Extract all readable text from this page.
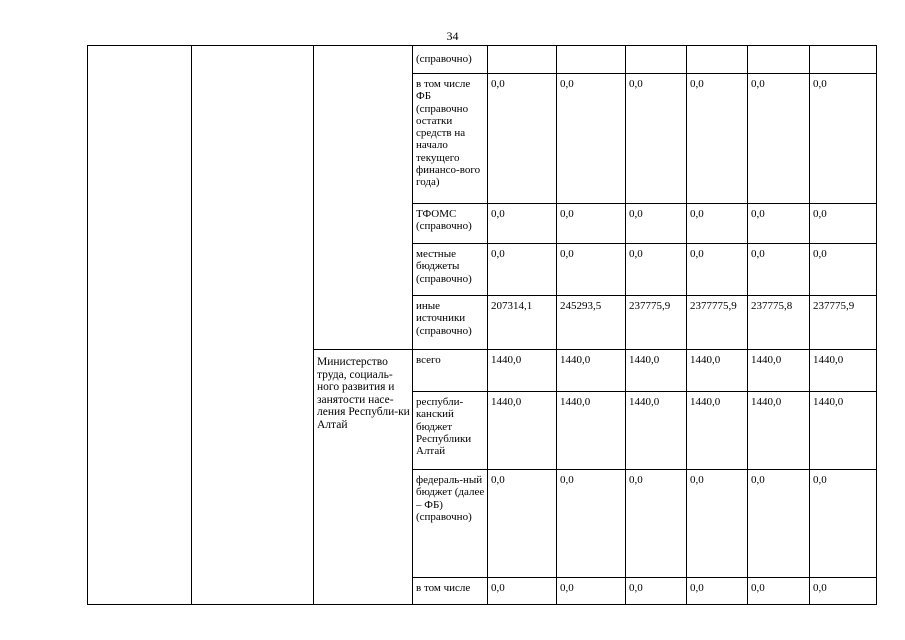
34
			(справочно)						
			в том числе ФБ (справочно остатки средств на начало текущего финансо-вого года)	0,0	0,0	0,0	0,0	0,0	0,0
			ТФОМС (справочно)	0,0	0,0	0,0	0,0	0,0	0,0
			местные бюджеты (справочно)	0,0	0,0	0,0	0,0	0,0	0,0
			иные источники (справочно)	207314,1	245293,5	237775,9	2377775,9	237775,8	237775,9
		Министерство труда, социаль-ного развития и занятости насе-ления Республи-ки Алтай	всего	1440,0	1440,0	1440,0	1440,0	1440,0	1440,0
			республи-канский бюджет Республики Алтай	1440,0	1440,0	1440,0	1440,0	1440,0	1440,0
			федераль-ный бюджет (далее – ФБ) (справочно)	0,0	0,0	0,0	0,0	0,0	0,0
			в том числе	0,0	0,0	0,0	0,0	0,0	0,0
